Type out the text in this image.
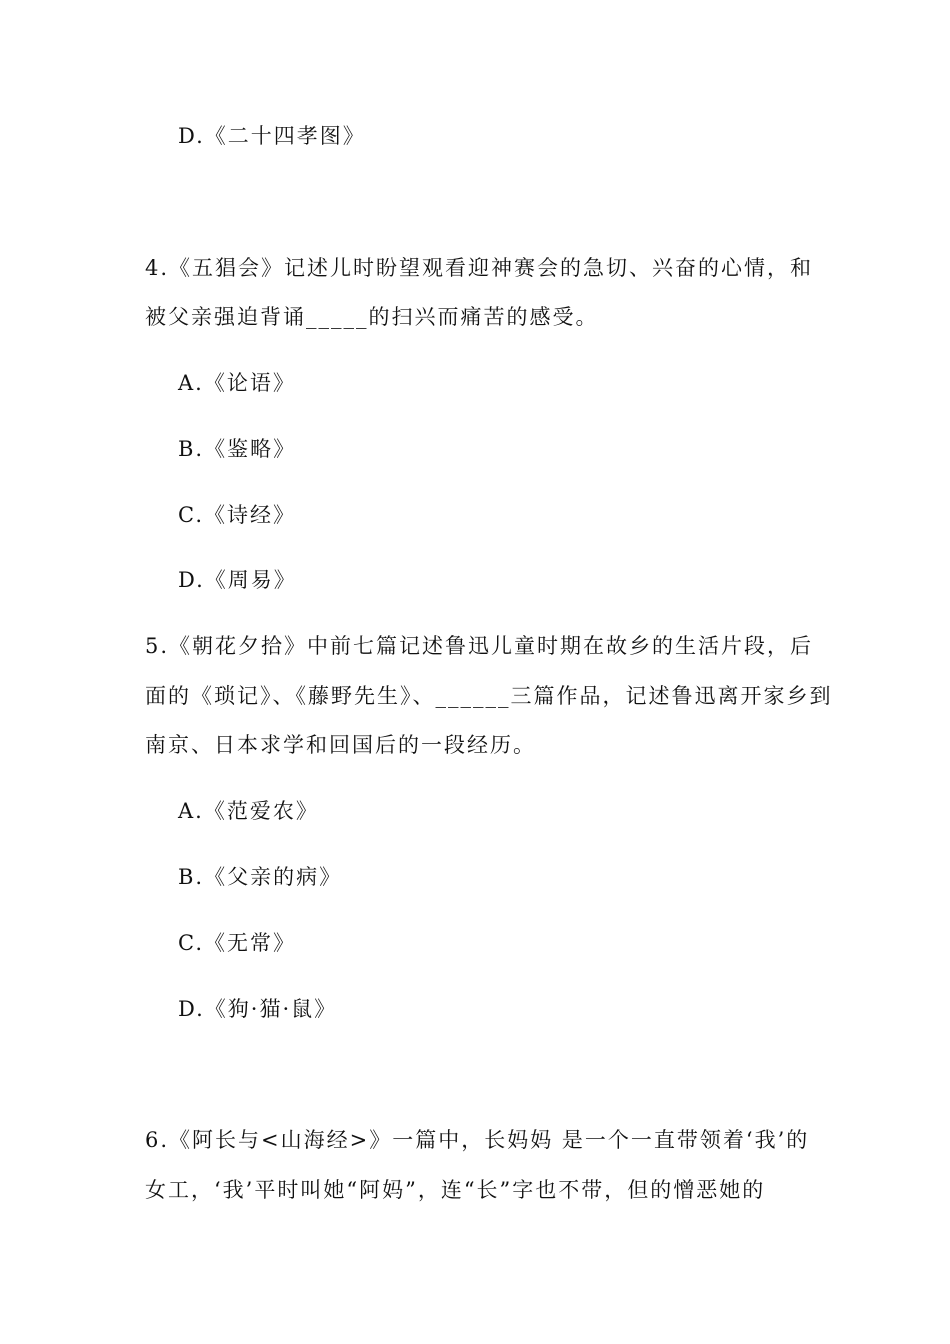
D.《二十四孝图》
4.《五猖会》记述儿时盼望观看迎神赛会的急切、兴奋的心情，和
被父亲强迫背诵_____的扫兴而痛苦的感受。
A.《论语》
B.《鉴略》
C.《诗经》
D.《周易》
5.《朝花夕拾》中前七篇记述鲁迅儿童时期在故乡的生活片段，后
面的《琐记》、《藤野先生》、______三篇作品，记述鲁迅离开家乡到
南京、日本求学和回国后的一段经历。
A.《范爱农》
B.《父亲的病》
C.《无常》
D.《狗·猫·鼠》
6.《阿长与<山海经>》一篇中，长妈妈 是一个一直带领着‘我’的
女工，‘我’平时叫她“阿妈”，连“长”字也不带，但的憎恶她的
